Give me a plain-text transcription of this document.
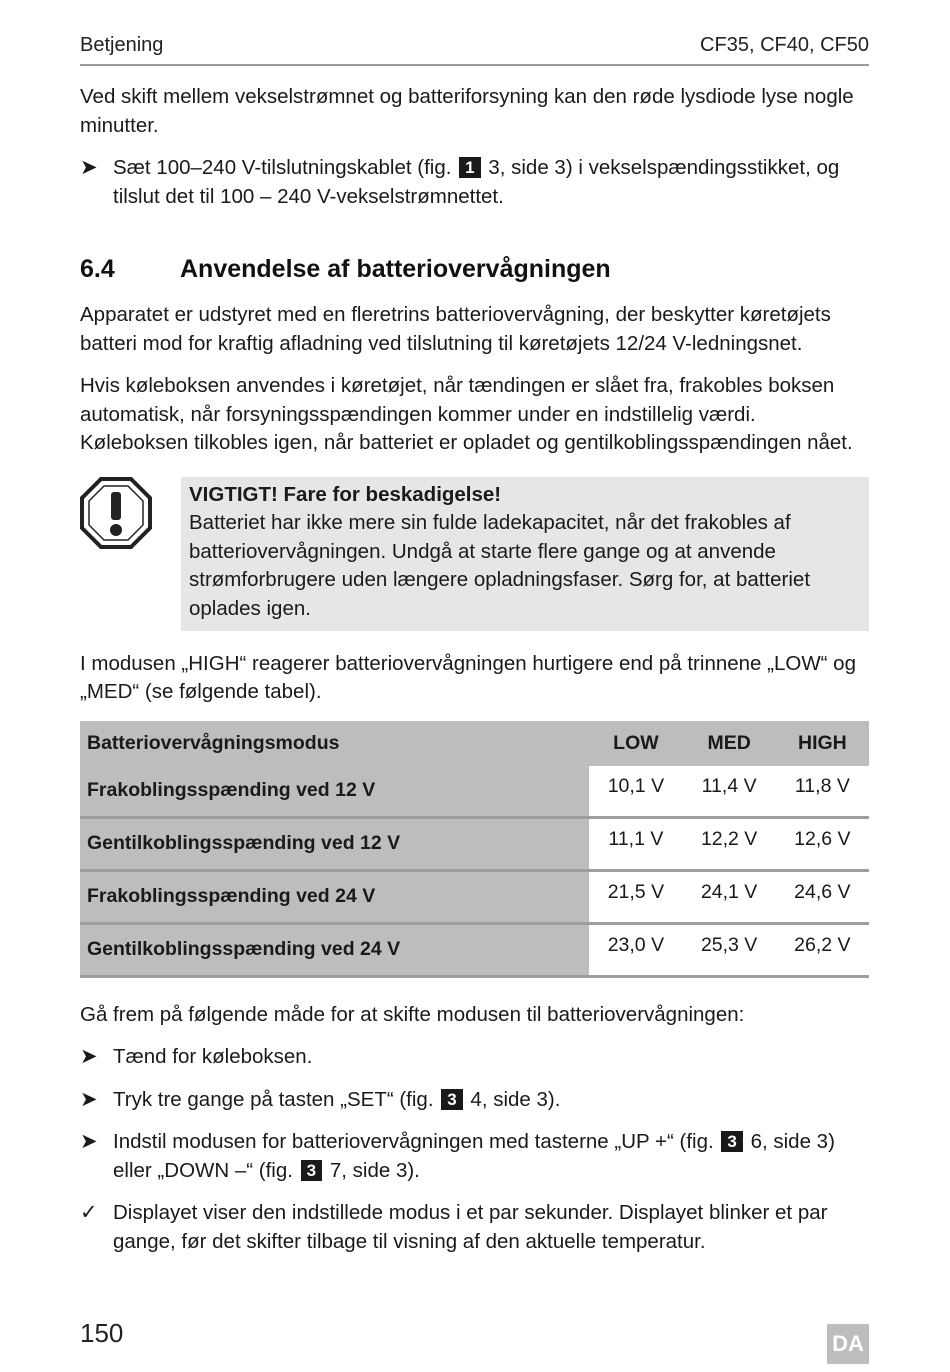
Betjening	CF35, CF40, CF50

Ved skift mellem vekselstrømnet og batteriforsyning kan den røde lysdiode lyse nogle minutter.

➤ Sæt 100–240 V-tilslutningskablet (fig. 1 3, side 3) i vekselspændingsstikket, og tilslut det til 100 – 240 V-vekselstrømnettet.
6.4	Anvendelse af batteriovervågningen

Apparatet er udstyret med en fleretrins batteriovervågning, der beskytter køretøjets batteri mod for kraftig afladning ved tilslutning til køretøjets 12/24 V-ledningsnet.

Hvis køleboksen anvendes i køretøjet, når tændingen er slået fra, frakobles boksen automatisk, når forsyningsspændingen kommer under en indstillelig værdi. Køleboksen tilkobles igen, når batteriet er opladet og gentilkoblingsspændingen nået.

VIGTIGT! Fare for beskadigelse!
Batteriet har ikke mere sin fulde ladekapacitet, når det frakobles af batteriovervågningen. Undgå at starte flere gange og at anvende strømforbrugere uden længere opladningsfaser. Sørg for, at batteriet oplades igen.

I modusen „HIGH“ reagerer batteriovervågningen hurtigere end på trinnene „LOW“ og „MED“ (se følgende tabel).

Batteriovervågningsmodus	LOW	MED	HIGH
Frakoblingsspænding ved 12 V	10,1 V	11,4 V	11,8 V
Gentilkoblingsspænding ved 12 V	11,1 V	12,2 V	12,6 V
Frakoblingsspænding ved 24 V	21,5 V	24,1 V	24,6 V
Gentilkoblingsspænding ved 24 V	23,0 V	25,3 V	26,2 V

Gå frem på følgende måde for at skifte modusen til batteriovervågningen:

➤ Tænd for køleboksen.
➤ Tryk tre gange på tasten „SET“ (fig. 3 4, side 3).
➤ Indstil modusen for batteriovervågningen med tasterne „UP +“ (fig. 3 6, side 3)
eller „DOWN –“ (fig. 3 7, side 3).
✓ Displayet viser den indstillede modus i et par sekunder. Displayet blinker et par gange, før det skifter tilbage til visning af den aktuelle temperatur.
150	DA
